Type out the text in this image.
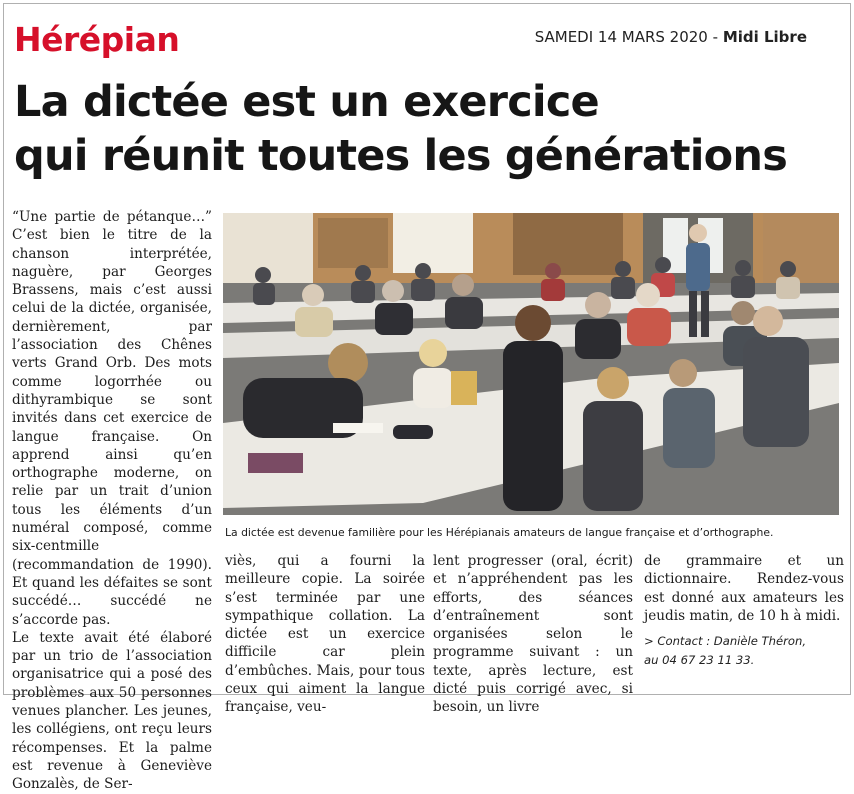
Hérépian	SAMEDI 14 MARS 2020 - Midi Libre
La dictée est un exercice
qui réunit toutes les générations

“Une partie de pétanque…” C’est bien le titre de la chanson interprétée, naguère, par Georges Brassens, mais c’est aussi celui de la dictée, organisée, dernièrement, par l’association des Chênes verts Grand Orb. Des mots comme logorrhée ou dithyrambique se sont invités dans cet exercice de langue française. On apprend ainsi qu’en orthographe moderne, on relie par un trait d’union tous les éléments d’un numéral composé, comme six-centmille (recommandation de 1990). Et quand les défaites se sont succédé… succédé ne s’accorde pas.

Le texte avait été élaboré par un trio de l’association organisatrice qui a posé des problèmes aux 50 personnes venues plancher. Les jeunes, les collégiens, ont reçu leurs récompenses. Et la palme est revenue à Geneviève Gonzalès, de Ser-

La dictée est devenue familière pour les Hérépianais amateurs de langue française et d’orthographe.

viès, qui a fourni la meilleure copie. La soirée s’est terminée par une sympathique collation. La dictée est un exercice difficile car plein d’embûches. Mais, pour tous ceux qui aiment la langue française, veu-

lent progresser (oral, écrit) et n’appréhendent pas les efforts, des séances d’entraînement sont organisées selon le programme suivant : un texte, après lecture, est dicté puis corrigé avec, si besoin, un livre

de grammaire et un dictionnaire. Rendez-vous est donné aux amateurs les jeudis matin, de 10 h à midi.

> Contact : Danièle Théron,
au 04 67 23 11 33.
